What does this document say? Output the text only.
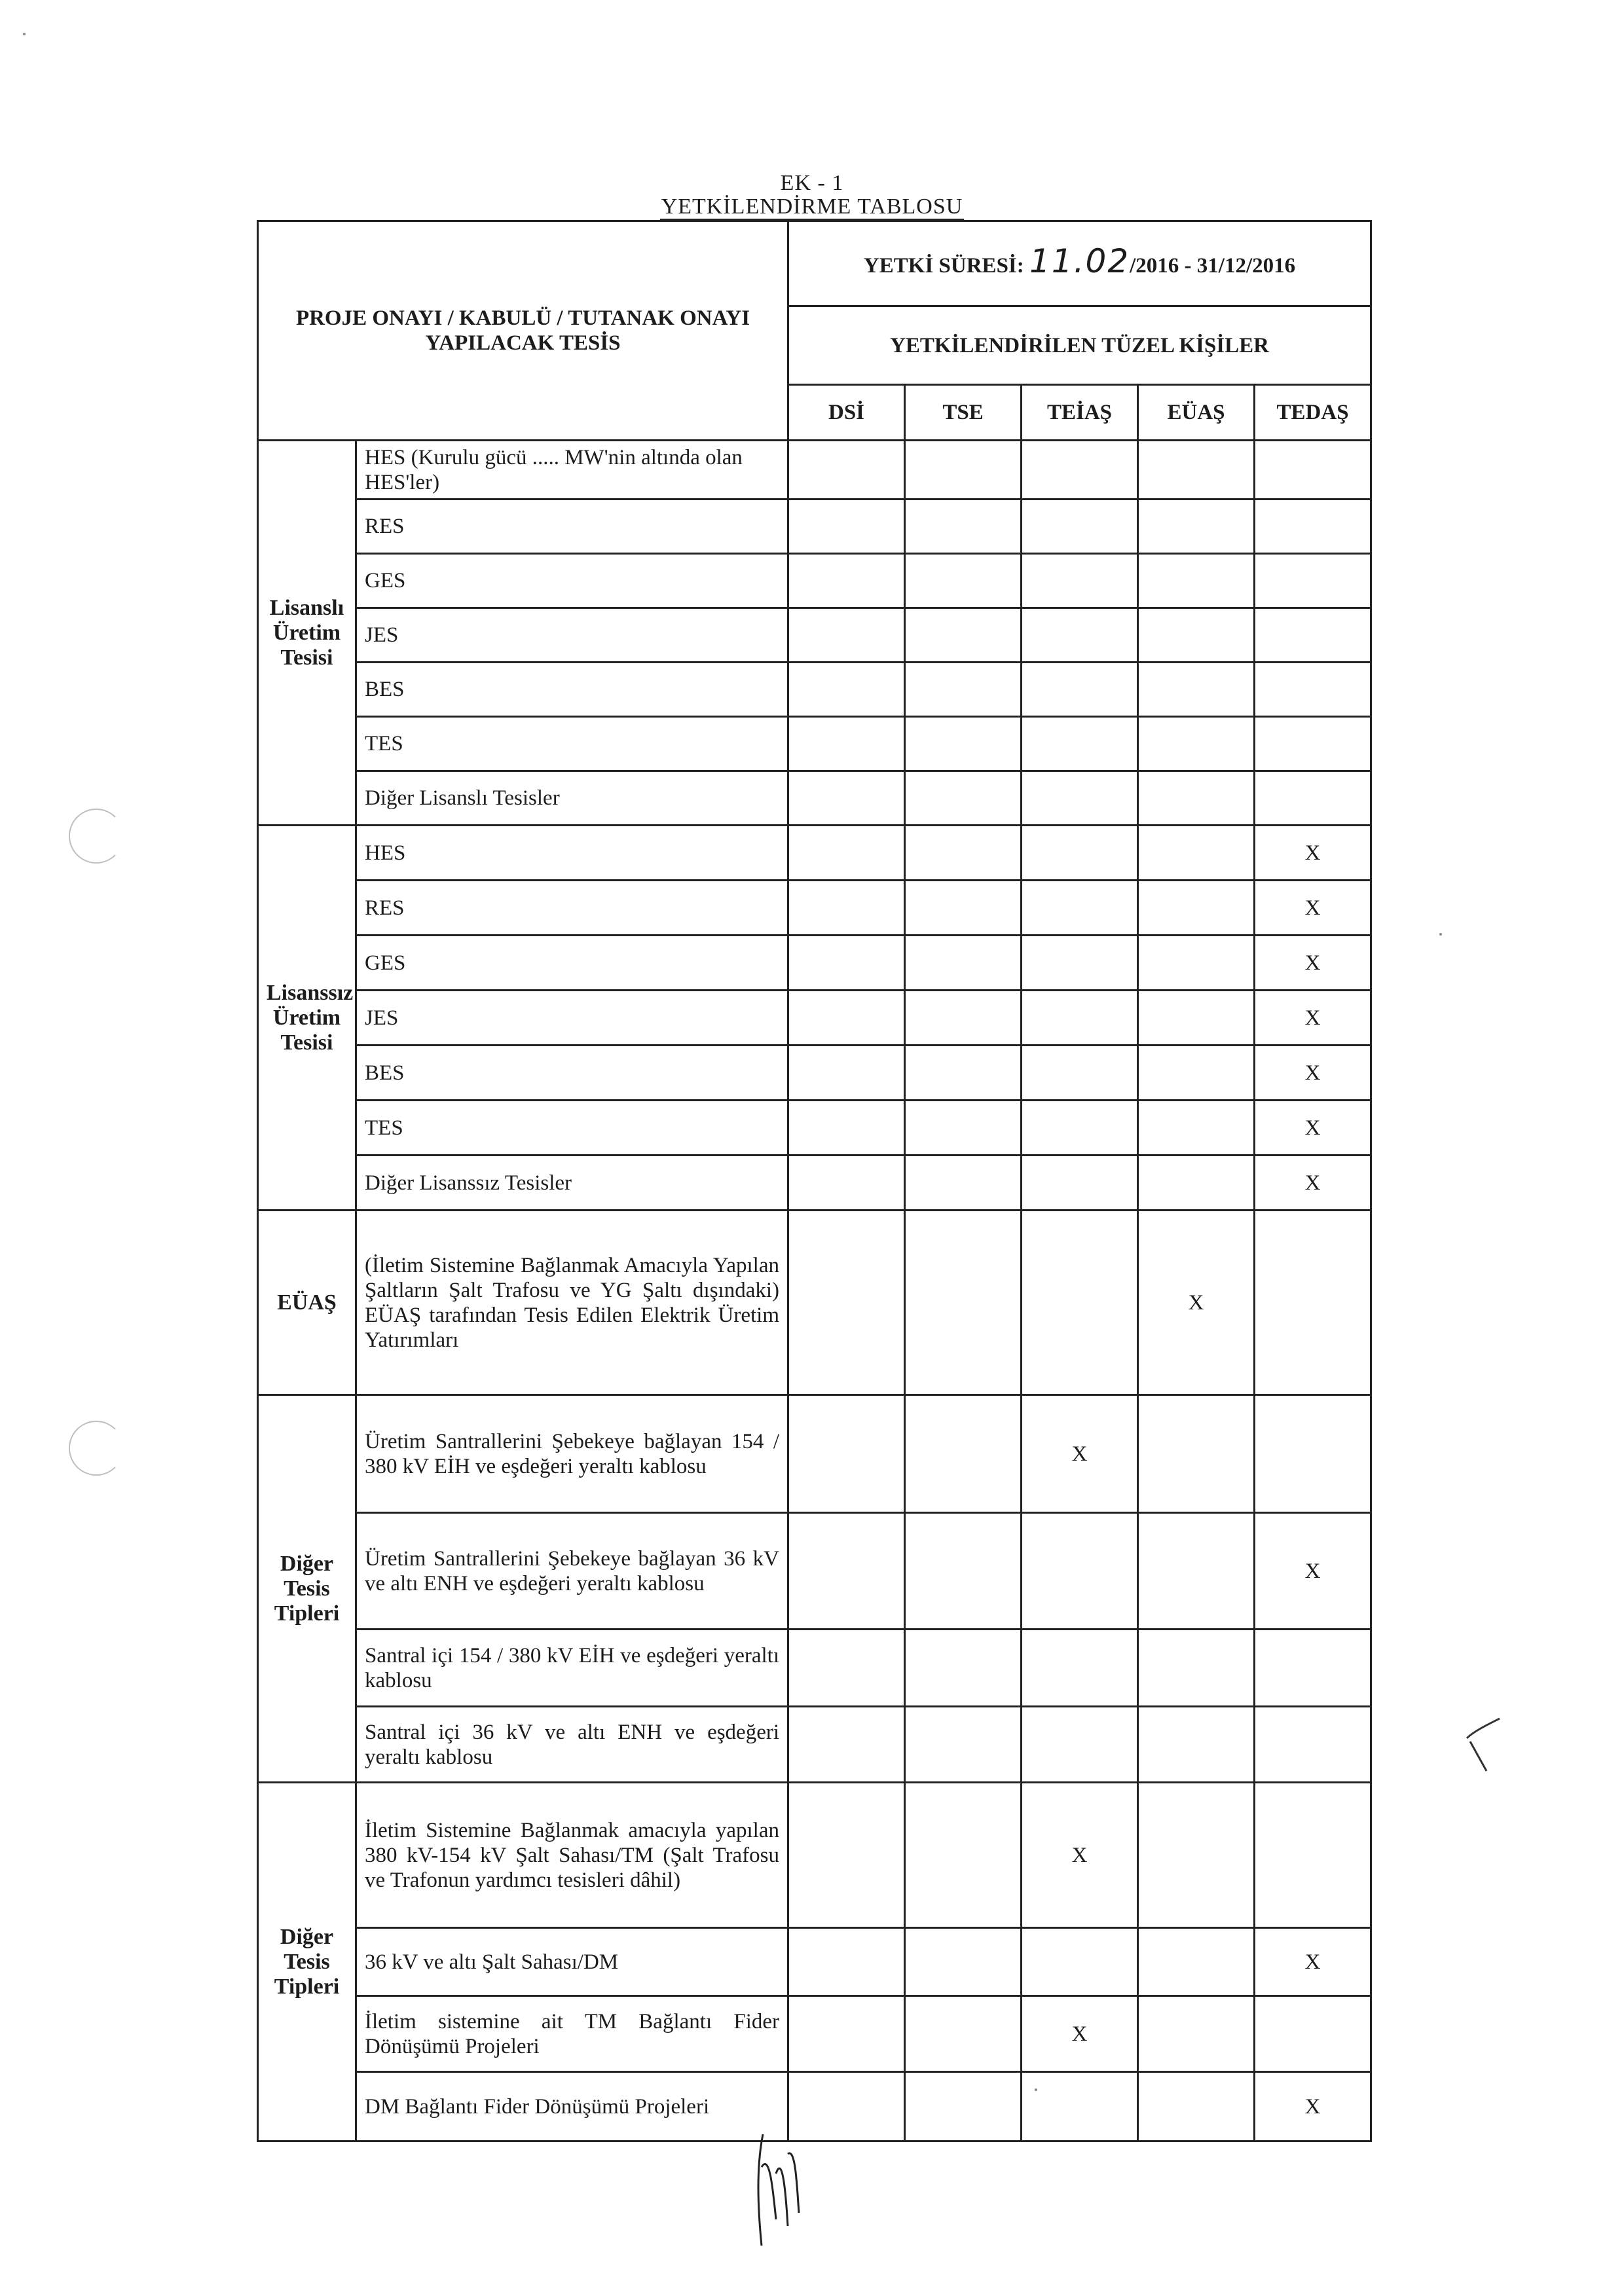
EK - 1
YETKİLENDİRME TABLOSU
PROJE ONAYI / KABULÜ / TUTANAK ONAYI YAPILACAK TESİS		YETKİ SÜRESİ: 11.02/2016 - 31/12/2016				
		YETKİLENDİRİLEN TÜZEL KİŞİLER				
		DSİ	TSE	TEİAŞ	EÜAŞ	TEDAŞ
Lisanslı Üretim Tesisi	HES (Kurulu gücü ..... MW'nin altında olan HES'ler)					
	RES					
	GES					
	JES					
	BES					
	TES					
	Diğer Lisanslı Tesisler					
Lisanssız Üretim Tesisi	HES					X
	RES					X
	GES					X
	JES					X
	BES					X
	TES					X
	Diğer Lisanssız Tesisler					X
EÜAŞ	(İletim Sistemine Bağlanmak Amacıyla Yapılan Şaltların Şalt Trafosu ve YG Şaltı dışındaki) EÜAŞ tarafından Tesis Edilen Elektrik Üretim Yatırımları				X	
Diğer Tesis Tipleri	Üretim Santrallerini Şebekeye bağlayan 154 / 380 kV EİH ve eşdeğeri yeraltı kablosu			X		
	Üretim Santrallerini Şebekeye bağlayan 36 kV ve altı ENH ve eşdeğeri yeraltı kablosu					X
	Santral içi 154 / 380 kV EİH ve eşdeğeri yeraltı kablosu					
	Santral içi 36 kV ve altı ENH ve eşdeğeri yeraltı kablosu					
Diğer Tesis Tipleri	İletim Sistemine Bağlanmak amacıyla yapılan 380 kV-154 kV Şalt Sahası/TM (Şalt Trafosu ve Trafonun yardımcı tesisleri dâhil)			X		
	36 kV ve altı Şalt Sahası/DM					X
	İletim sistemine ait TM Bağlantı Fider Dönüşümü Projeleri			X		
	DM Bağlantı Fider Dönüşümü Projeleri					X
